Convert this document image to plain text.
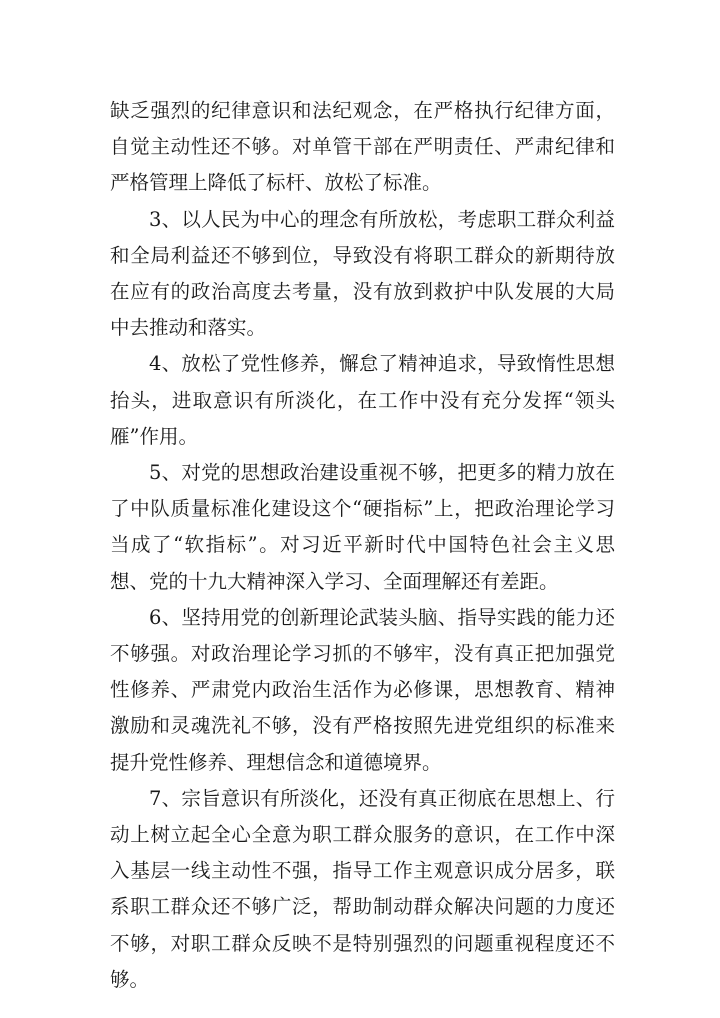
缺乏强烈的纪律意识和法纪观念，在严格执行纪律方面，自觉主动性还不够。对单管干部在严明责任、严肃纪律和严格管理上降低了标杆、放松了标准。

3、以人民为中心的理念有所放松，考虑职工群众利益和全局利益还不够到位，导致没有将职工群众的新期待放在应有的政治高度去考量，没有放到救护中队发展的大局中去推动和落实。

4、放松了党性修养，懈怠了精神追求，导致惰性思想抬头，进取意识有所淡化，在工作中没有充分发挥“领头雁”作用。

5、对党的思想政治建设重视不够，把更多的精力放在了中队质量标准化建设这个“硬指标”上，把政治理论学习当成了“软指标”。对习近平新时代中国特色社会主义思想、党的十九大精神深入学习、全面理解还有差距。

6、坚持用党的创新理论武装头脑、指导实践的能力还不够强。对政治理论学习抓的不够牢，没有真正把加强党性修养、严肃党内政治生活作为必修课，思想教育、精神激励和灵魂洗礼不够，没有严格按照先进党组织的标准来提升党性修养、理想信念和道德境界。

7、宗旨意识有所淡化，还没有真正彻底在思想上、行动上树立起全心全意为职工群众服务的意识，在工作中深入基层一线主动性不强，指导工作主观意识成分居多，联系职工群众还不够广泛，帮助制动群众解决问题的力度还不够，对职工群众反映不是特别强烈的问题重视程度还不够。
